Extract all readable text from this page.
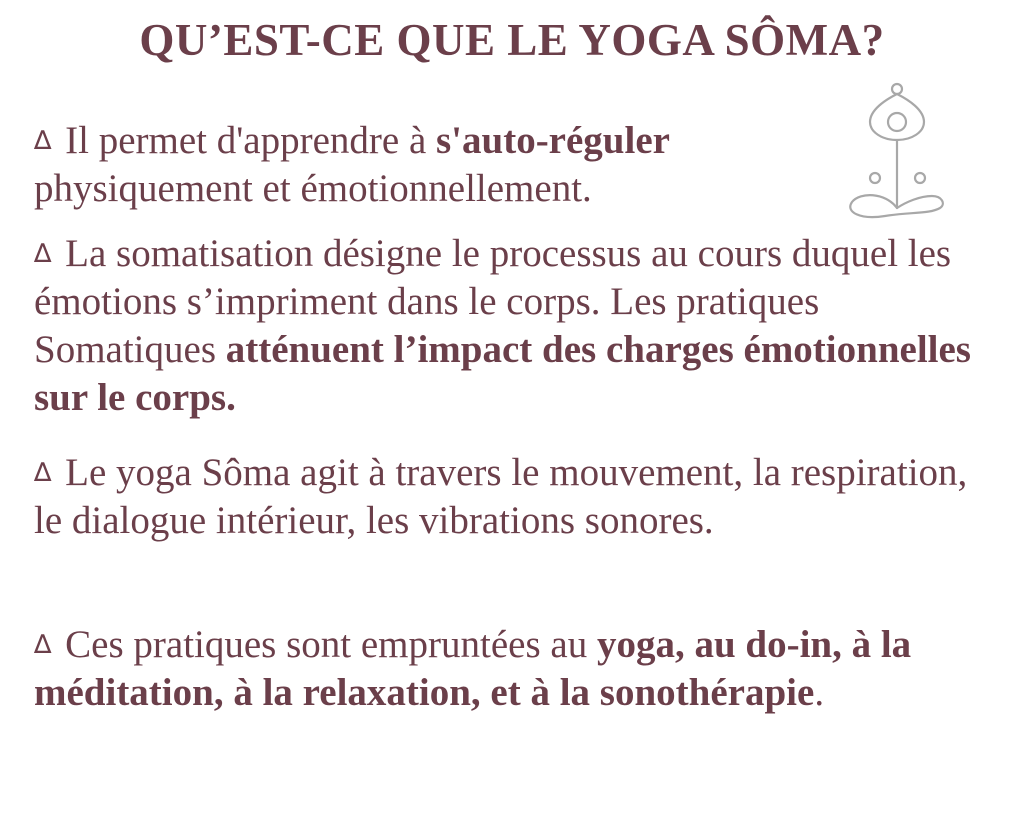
QU’EST-CE QUE LE YOGA SÔMA?

∆ Il permet d'apprendre à s'auto-réguler physiquement et émotionnellement.

∆ La somatisation désigne le processus au cours duquel les émotions s’impriment dans le corps. Les pratiques Somatiques atténuent l’impact des charges émotionnelles sur le corps.

∆ Le yoga Sôma agit à travers le mouvement, la respiration, le dialogue intérieur, les vibrations sonores.

∆ Ces pratiques sont empruntées au yoga, au do-in, à la méditation, à la relaxation, et à la sonothérapie.
